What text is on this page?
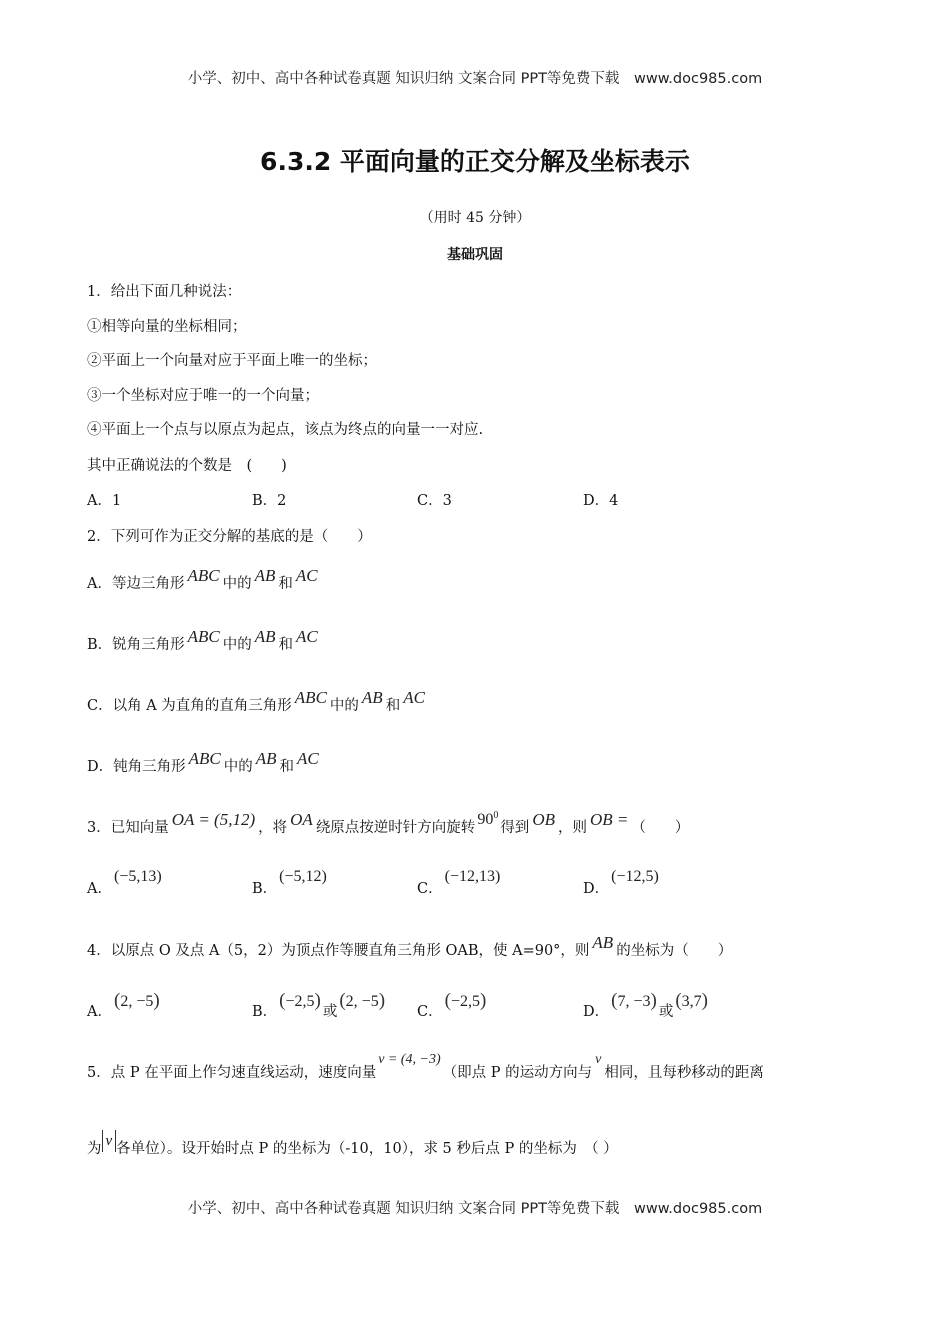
小学、初中、高中各种试卷真题 知识归纳 文案合同 PPT等免费下载 www.doc985.com
6.3.2 平面向量的正交分解及坐标表示
（用时 45 分钟）
基础巩固
1．给出下面几种说法：
①相等向量的坐标相同；
②平面上一个向量对应于平面上唯一的坐标；
③一个坐标对应于唯一的一个向量；
④平面上一个点与以原点为起点，该点为终点的向量一一对应.
其中正确说法的个数是　(　　)
A．1	B．2	C．3	D．4
2．下列可作为正交分解的基底的是（　　）
A．等边三角形 ABC 中的 AB 和 AC
B．锐角三角形 ABC 中的 AB 和 AC
C．以角 A 为直角的直角三角形 ABC 中的 AB 和 AC
D．钝角三角形 ABC 中的 AB 和 AC
3．已知向量 OA = (5,12) ，将 OA 绕原点按逆时针方向旋转 $90^0$得到 OB ，则 OB = （　　）
A．(−5,13)
B．(−5,12)
C．(−12,13)
D．(−12,5)
4．以原点 O 及点 A（5，2）为顶点作等腰直角三角形 OAB，使 A=90°，则 AB 的坐标为（　　）
A．(2, −5)
B．(−2,5)或(2, −5)
C．(−2,5)
D．(7, −3)或(3,7)
5．点 P 在平面上作匀速直线运动，速度向量v = (4, −3)（即点 P 的运动方向与v相同，且每秒移动的距离
为 v 各单位）。设开始时点 P 的坐标为（-10，10），求 5 秒后点 P 的坐标为　（ ）
小学、初中、高中各种试卷真题 知识归纳 文案合同 PPT等免费下载 www.doc985.com
